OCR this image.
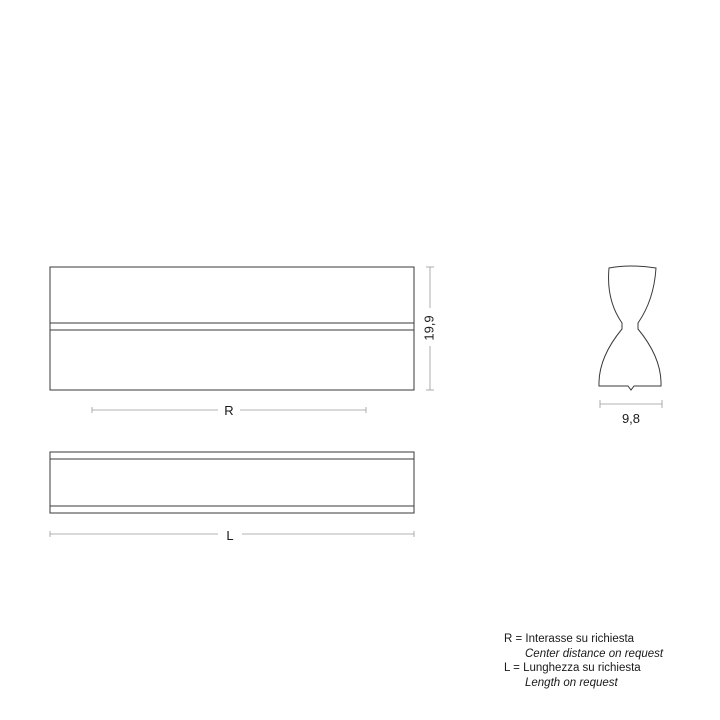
19,9
R
L
9,8
R = Interasse su richiesta
Center distance on request
L = Lunghezza su richiesta
Length on request
